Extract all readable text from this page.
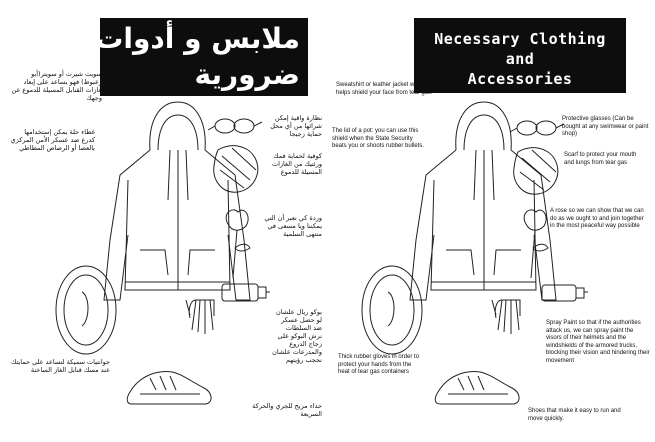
ملابس و أدوات
ضرورية
سويت شيرت أو سويتر(أبو زعبوط) فهو يساعد على إبعاد غازات القنابل المسيلة للدموع عن وجهك
غطاء حلة يمكن إستخدامها كدرع ضد عسكر الأمن المركزي بالعصا أو الرصاص المطاطي
نظارة واقية إمكن شرائها من أي محل حماية زجيجا
كوفية لحماية فمك ورئتيك من الغازات المسيلة للدموع
وردة كي نعبر أن التي يمكننا ويا مسعى في منتهى السلمية
بوكو ريال علشان لو حصل عسكر ضد السلطات نرش البوكو على زجاج الدروع والمدرعات علشان نحجب رؤيتهم
جوانتيات سميكة لتساعد على حمايتك عند مسك قنابل الغاز الساخنة
حذاء مريح للجري والحركة السريعة
Necessary Clothing
and
Accessories
Sweatshirt or leather jacket with a hood. This helps shield your face from tear gas.
The lid of a pot: you can use this shield when the State Security beats you or shoots rubber bullets.
Protective glasses (Can be bought at any swimwear or paint shop)
Scarf to protect your mouth and lungs from tear gas
A rose so we can show that we can do as we ought to and join together in the most peaceful way possible
Spray Paint so that if the authorities attack us, we can spray paint the visors of their helmets and the windshields of the armored trucks, blocking their vision and hindering their movement
Thick rubber gloves in order to protect your hands from the heat of tear gas containers
Shoes that make it easy to run and move quickly.
